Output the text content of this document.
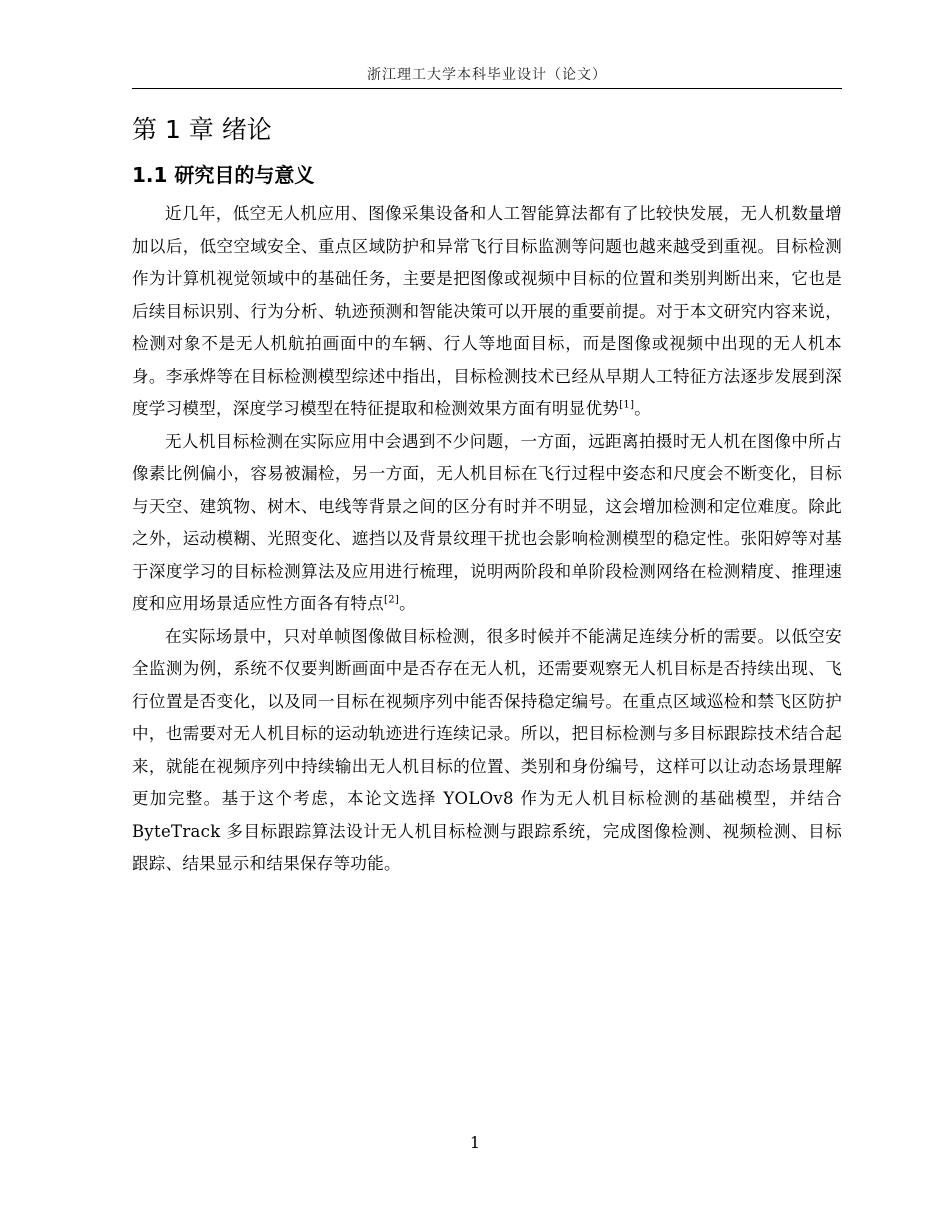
浙江理工大学本科毕业设计（论文）
第 1 章 绪论
1.1 研究目的与意义

近几年，低空无人机应用、图像采集设备和人工智能算法都有了比较快发展，无人机数量增加以后，低空空域安全、重点区域防护和异常飞行目标监测等问题也越来越受到重视。目标检测作为计算机视觉领域中的基础任务，主要是把图像或视频中目标的位置和类别判断出来，它也是后续目标识别、行为分析、轨迹预测和智能决策可以开展的重要前提。对于本文研究内容来说，检测对象不是无人机航拍画面中的车辆、行人等地面目标，而是图像或视频中出现的无人机本身。李承烨等在目标检测模型综述中指出，目标检测技术已经从早期人工特征方法逐步发展到深度学习模型，深度学习模型在特征提取和检测效果方面有明显优势[1]。

无人机目标检测在实际应用中会遇到不少问题，一方面，远距离拍摄时无人机在图像中所占像素比例偏小，容易被漏检，另一方面，无人机目标在飞行过程中姿态和尺度会不断变化，目标与天空、建筑物、树木、电线等背景之间的区分有时并不明显，这会增加检测和定位难度。除此之外，运动模糊、光照变化、遮挡以及背景纹理干扰也会影响检测模型的稳定性。张阳婷等对基于深度学习的目标检测算法及应用进行梳理，说明两阶段和单阶段检测网络在检测精度、推理速度和应用场景适应性方面各有特点[2]。

在实际场景中，只对单帧图像做目标检测，很多时候并不能满足连续分析的需要。以低空安全监测为例，系统不仅要判断画面中是否存在无人机，还需要观察无人机目标是否持续出现、飞行位置是否变化，以及同一目标在视频序列中能否保持稳定编号。在重点区域巡检和禁飞区防护中，也需要对无人机目标的运动轨迹进行连续记录。所以，把目标检测与多目标跟踪技术结合起来，就能在视频序列中持续输出无人机目标的位置、类别和身份编号，这样可以让动态场景理解更加完整。基于这个考虑，本论文选择 YOLOv8 作为无人机目标检测的基础模型，并结合 ByteTrack 多目标跟踪算法设计无人机目标检测与跟踪系统，完成图像检测、视频检测、目标跟踪、结果显示和结果保存等功能。

1
